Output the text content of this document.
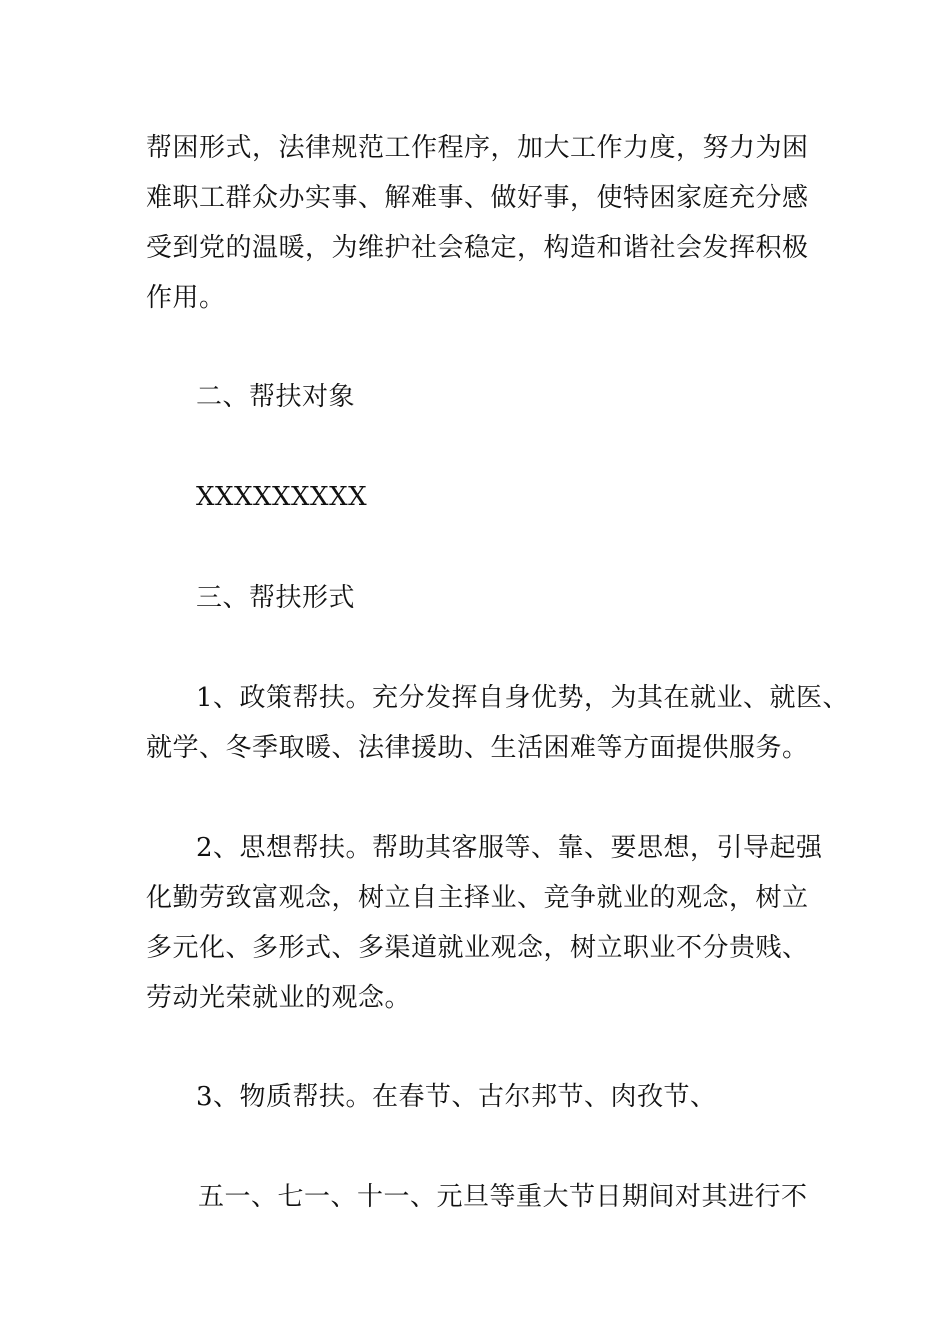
帮困形式，法律规范工作程序，加大工作力度，努力为困
难职工群众办实事、解难事、做好事，使特困家庭充分感
受到党的温暖，为维护社会稳定，构造和谐社会发挥积极
作用。
二、帮扶对象
XXXXXXXXX
三、帮扶形式
1、政策帮扶。充分发挥自身优势，为其在就业、就医、
就学、冬季取暖、法律援助、生活困难等方面提供服务。
2、思想帮扶。帮助其客服等、靠、要思想，引导起强
化勤劳致富观念，树立自主择业、竞争就业的观念，树立
多元化、多形式、多渠道就业观念，树立职业不分贵贱、
劳动光荣就业的观念。
3、物质帮扶。在春节、古尔邦节、肉孜节、
五一、七一、十一、元旦等重大节日期间对其进行不
